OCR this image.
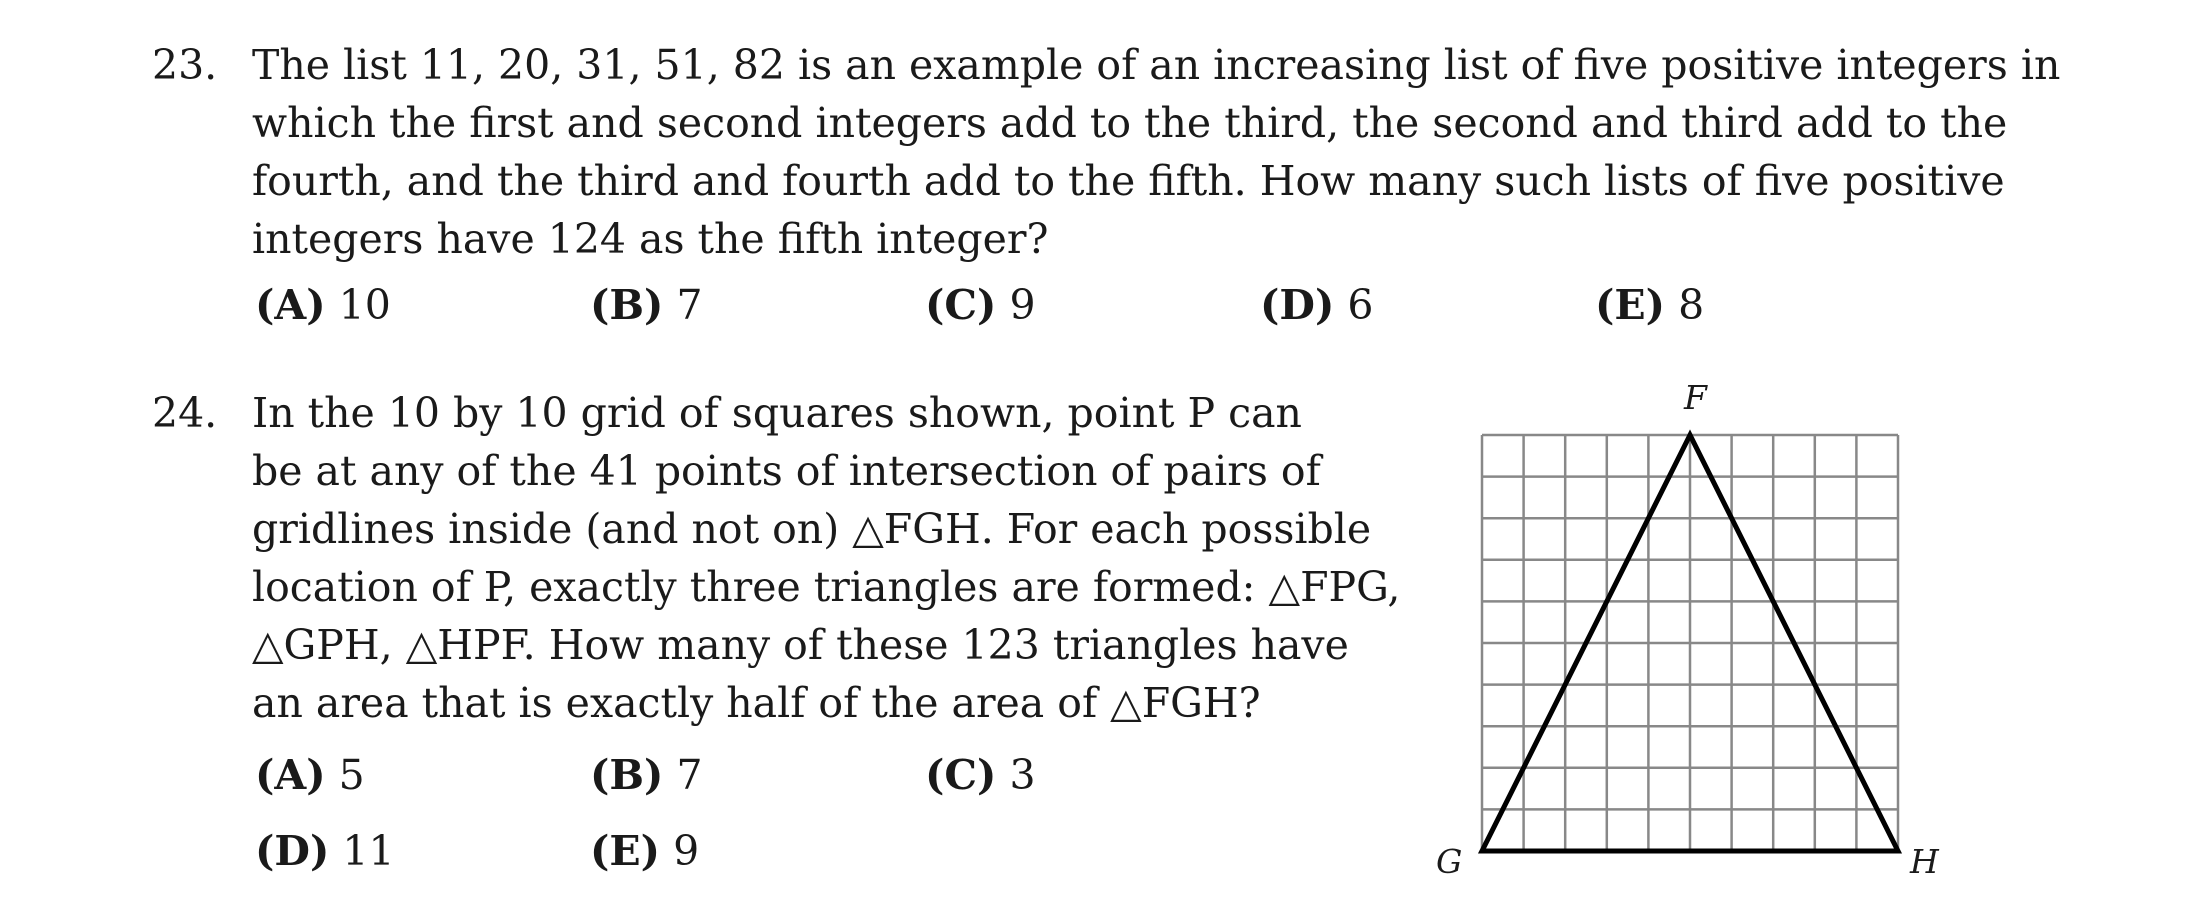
23. The list 11, 20, 31, 51, 82 is an example of an increasing list of five positive integers in
which the first and second integers add to the third, the second and third add to the
fourth, and the third and fourth add to the fifth. How many such lists of five positive
integers have 124 as the fifth integer?
(A) 10	(B) 7	(C) 9	(D) 6	(E) 8
24. In the 10 by 10 grid of squares shown, point P can
be at any of the 41 points of intersection of pairs of
gridlines inside (and not on) △FGH. For each possible
location of P, exactly three triangles are formed: △FPG,
△GPH, △HPF. How many of these 123 triangles have
an area that is exactly half of the area of △FGH?
(A) 5	(B) 7	(C) 3
(D) 11	(E) 9
F
G	H
